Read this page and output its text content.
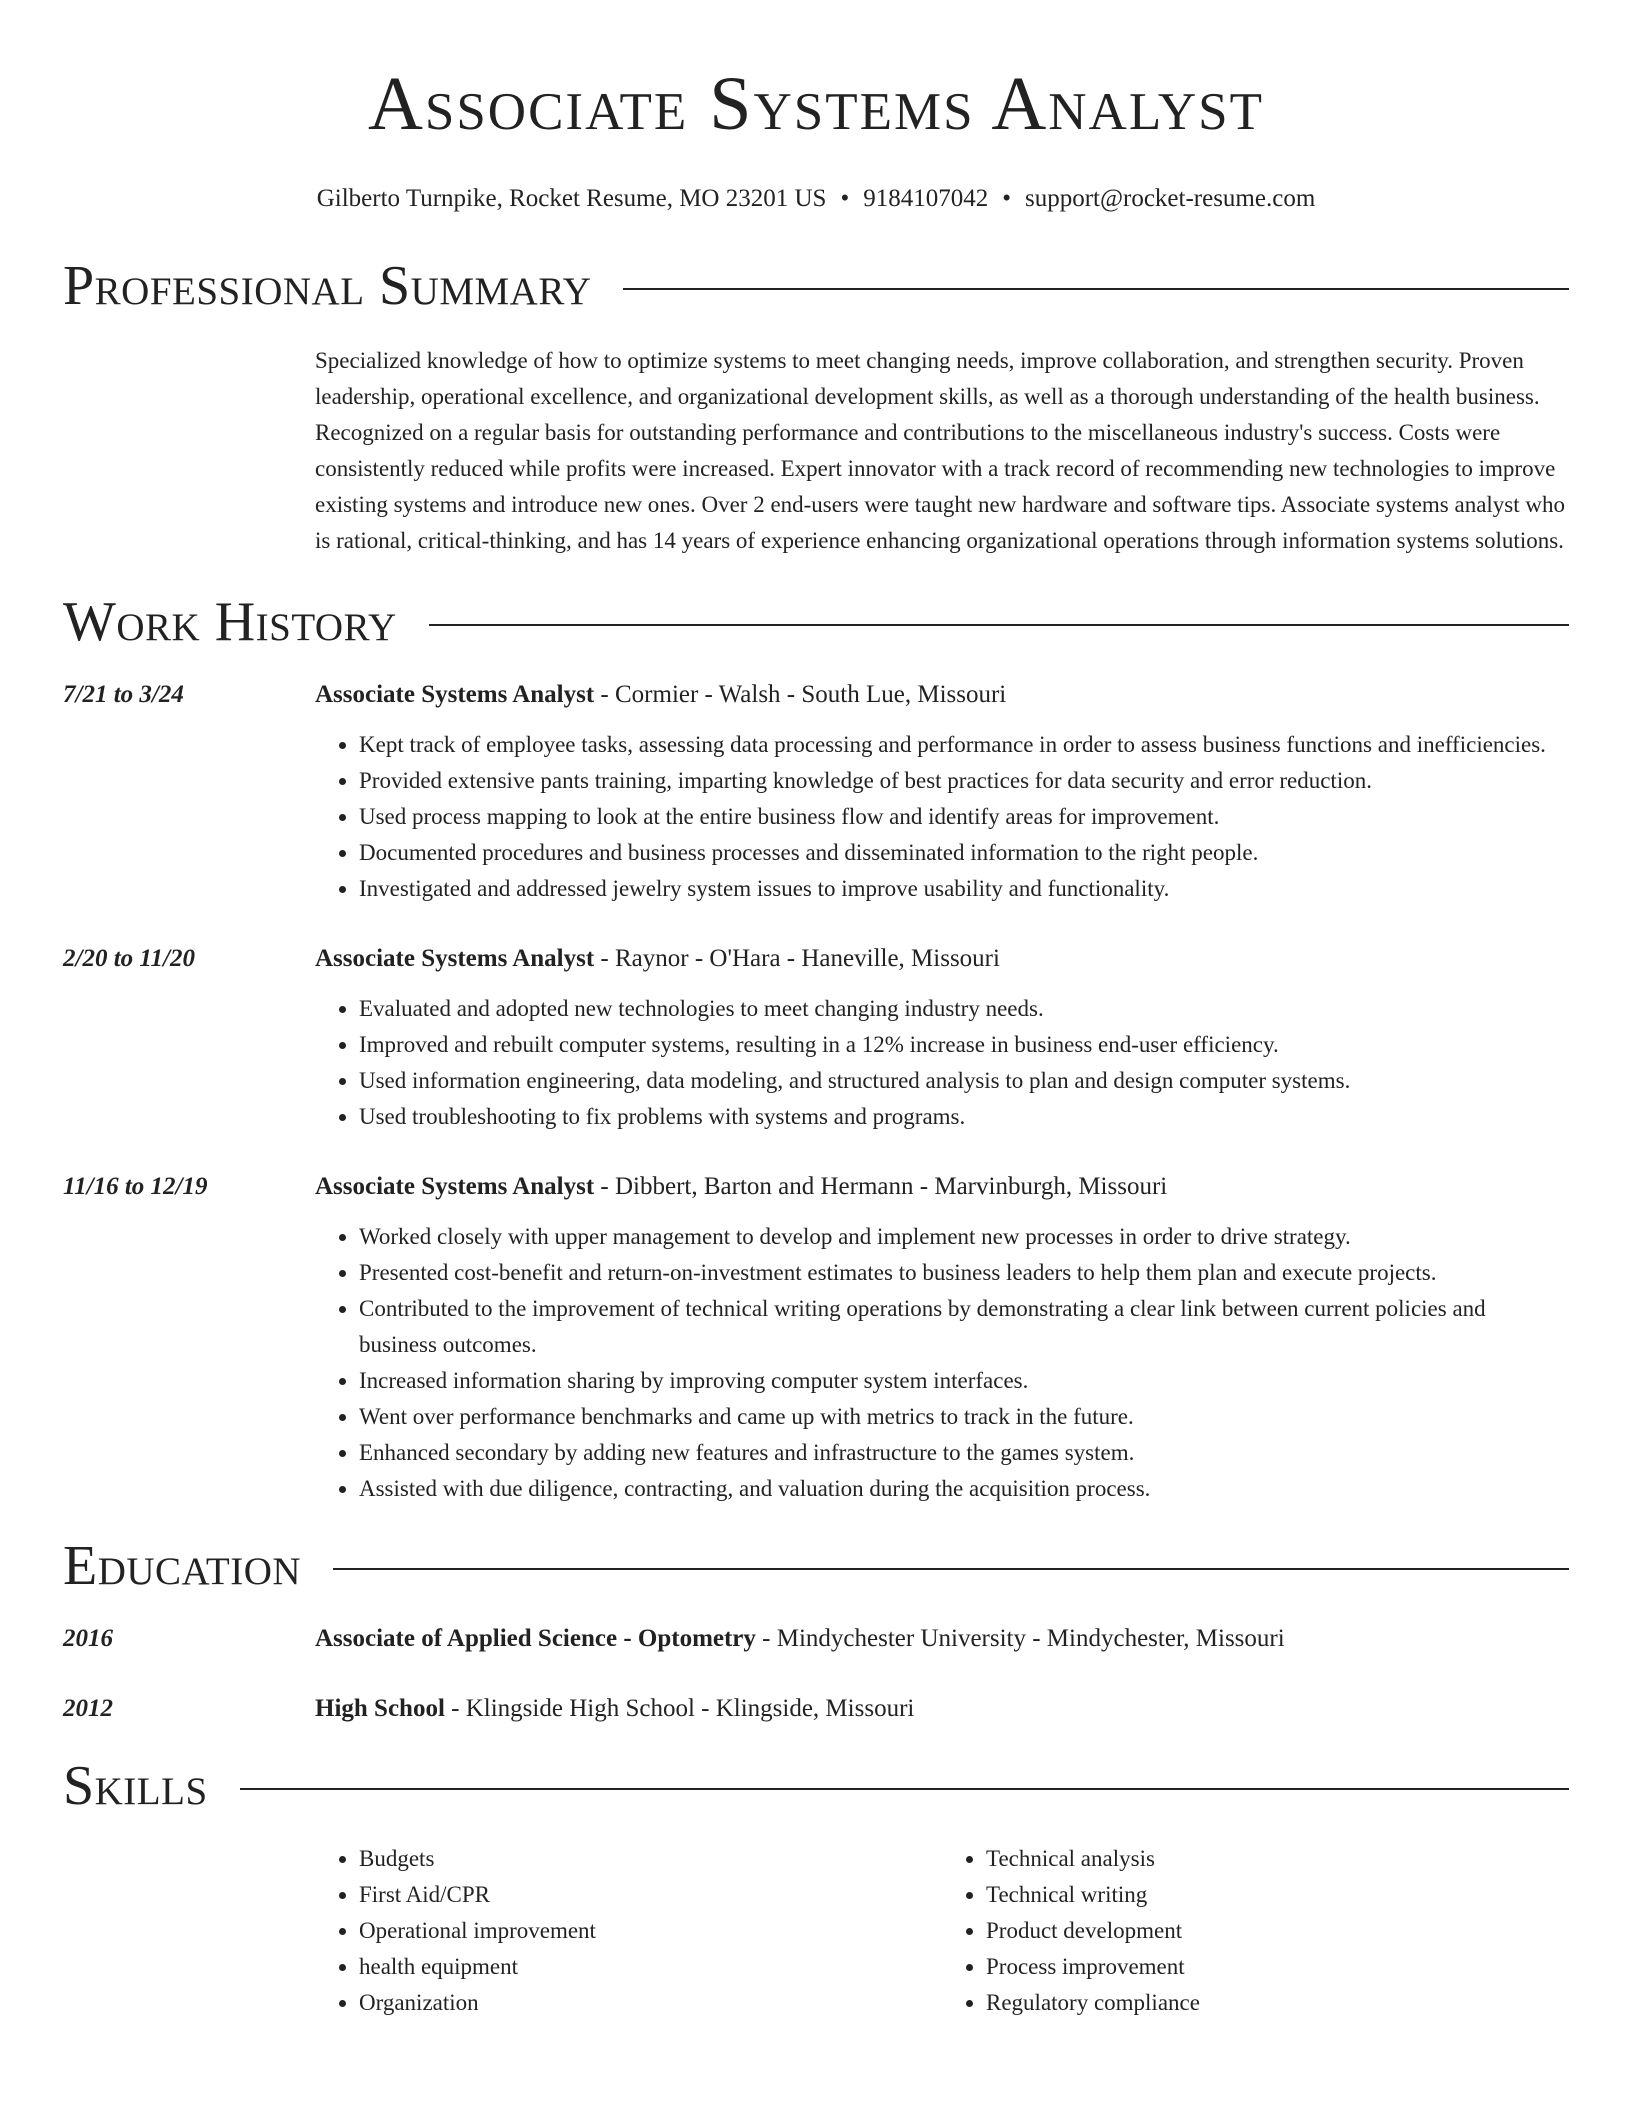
Associate Systems Analyst
Gilberto Turnpike, Rocket Resume, MO 23201 US • 9184107042 • support@rocket-resume.com
Professional Summary
Specialized knowledge of how to optimize systems to meet changing needs, improve collaboration, and strengthen security. Proven leadership, operational excellence, and organizational development skills, as well as a thorough understanding of the health business. Recognized on a regular basis for outstanding performance and contributions to the miscellaneous industry's success. Costs were consistently reduced while profits were increased. Expert innovator with a track record of recommending new technologies to improve existing systems and introduce new ones. Over 2 end-users were taught new hardware and software tips. Associate systems analyst who is rational, critical-thinking, and has 14 years of experience enhancing organizational operations through information systems solutions.
Work History
7/21 to 3/24	Associate Systems Analyst - Cormier - Walsh - South Lue, Missouri
• Kept track of employee tasks, assessing data processing and performance in order to assess business functions and inefficiencies.
• Provided extensive pants training, imparting knowledge of best practices for data security and error reduction.
• Used process mapping to look at the entire business flow and identify areas for improvement.
• Documented procedures and business processes and disseminated information to the right people.
• Investigated and addressed jewelry system issues to improve usability and functionality.
2/20 to 11/20	Associate Systems Analyst - Raynor - O'Hara - Haneville, Missouri
• Evaluated and adopted new technologies to meet changing industry needs.
• Improved and rebuilt computer systems, resulting in a 12% increase in business end-user efficiency.
• Used information engineering, data modeling, and structured analysis to plan and design computer systems.
• Used troubleshooting to fix problems with systems and programs.
11/16 to 12/19	Associate Systems Analyst - Dibbert, Barton and Hermann - Marvinburgh, Missouri
• Worked closely with upper management to develop and implement new processes in order to drive strategy.
• Presented cost-benefit and return-on-investment estimates to business leaders to help them plan and execute projects.
• Contributed to the improvement of technical writing operations by demonstrating a clear link between current policies and business outcomes.
• Increased information sharing by improving computer system interfaces.
• Went over performance benchmarks and came up with metrics to track in the future.
• Enhanced secondary by adding new features and infrastructure to the games system.
• Assisted with due diligence, contracting, and valuation during the acquisition process.
Education
2016	Associate of Applied Science - Optometry - Mindychester University - Mindychester, Missouri
2012	High School - Klingside High School - Klingside, Missouri
Skills
• Budgets
• First Aid/CPR
• Operational improvement
• health equipment
• Organization
• Technical analysis
• Technical writing
• Product development
• Process improvement
• Regulatory compliance
